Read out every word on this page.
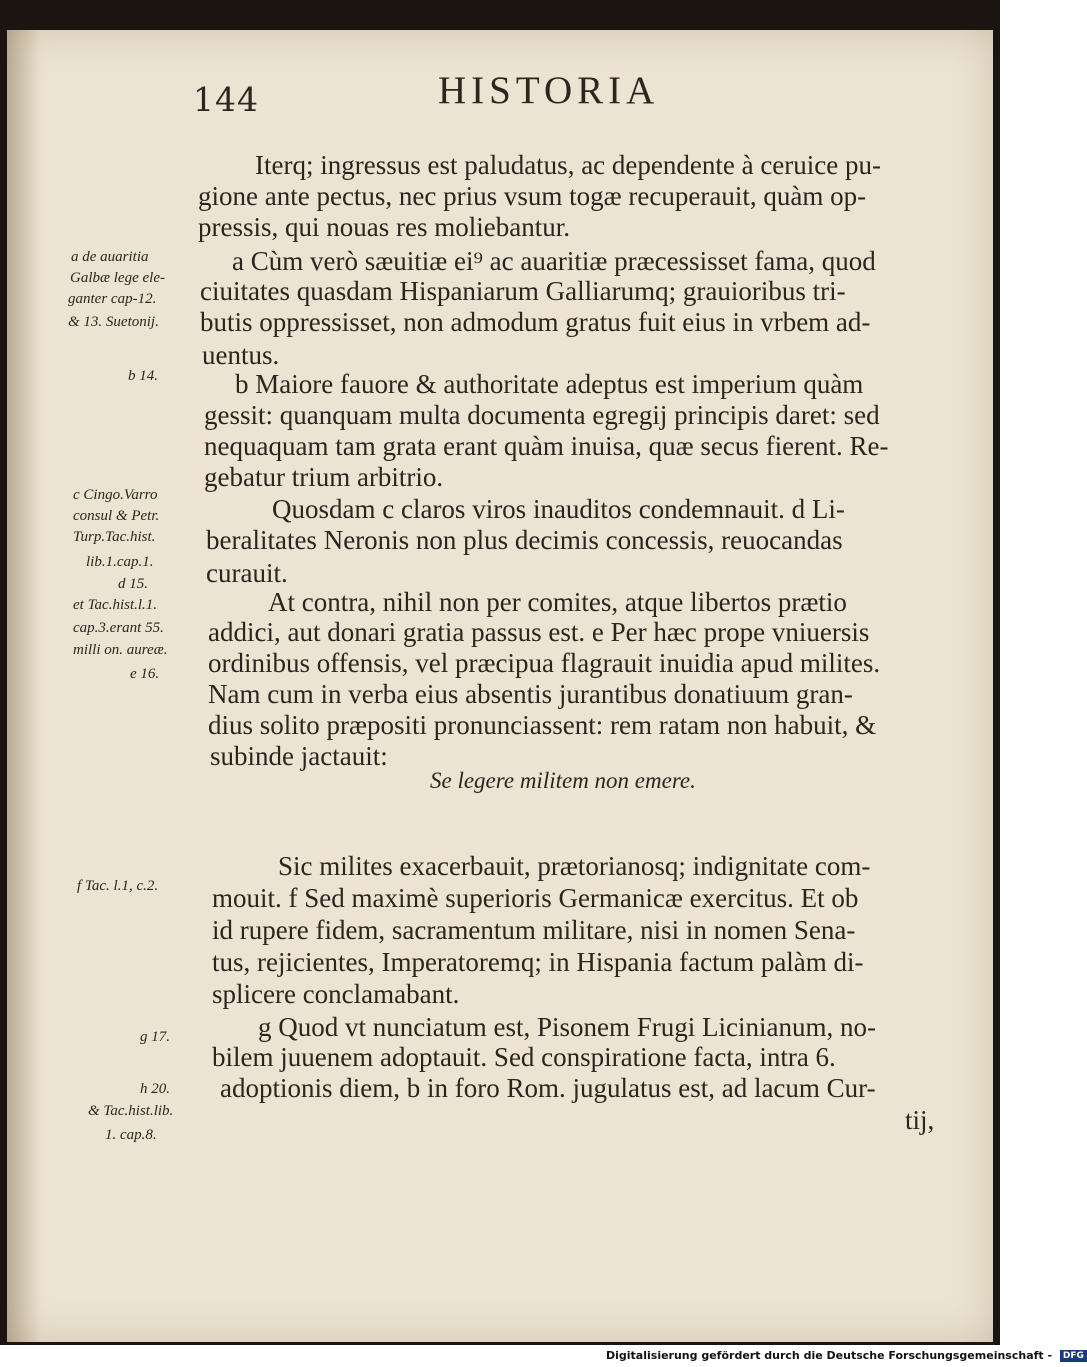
144	HISTORIA
Iterq; ingressus est paludatus, ac dependente à ceruice pu-
gione ante pectus, nec prius vsum togæ recuperauit, quàm op-
pressis, qui nouas res moliebantur.
a Cùm verò sæuitiæ ei⁹ ac auaritiæ præcessisset fama, quod
ciuitates quasdam Hispaniarum Galliarumq; grauioribus tri-
butis oppressisset, non admodum gratus fuit eius in vrbem ad-
uentus.
b Maiore fauore & authoritate adeptus est imperium quàm
gessit: quanquam multa documenta egregij principis daret: sed
nequaquam tam grata erant quàm inuisa, quæ secus fierent. Re-
gebatur trium arbitrio.
Quosdam c claros viros inauditos condemnauit. d Li-
beralitates Neronis non plus decimis concessis, reuocandas
curauit.
At contra, nihil non per comites, atque libertos prætio
addici, aut donari gratia passus est. e Per hæc prope vniuersis
ordinibus offensis, vel præcipua flagrauit inuidia apud milites.
Nam cum in verba eius absentis jurantibus donatiuum gran-
dius solito præpositi pronunciassent: rem ratam non habuit, &
subinde jactauit:
Se legere militem non emere.
Sic milites exacerbauit, prætorianosq; indignitate com-
mouit. f Sed maximè superioris Germanicæ exercitus. Et ob
id rupere fidem, sacramentum militare, nisi in nomen Sena-
tus, rejicientes, Imperatoremq; in Hispania factum palàm di-
splicere conclamabant.
g Quod vt nunciatum est, Pisonem Frugi Licinianum, no-
bilem juuenem adoptauit. Sed conspiratione facta, intra 6.
adoptionis diem, b in foro Rom. jugulatus est, ad lacum Cur-
tij,
a de auaritia
Galbæ lege ele-
ganter cap-12.
& 13. Suetonij.
b 14.
c Cingo.Varro
consul & Petr.
Turp.Tac.hist.
lib.1.cap.1.
d 15.
et Tac.hist.l.1.
cap.3.erant 55.
milli on. aureæ.
e 16.
f Tac. l.1, c.2.
g 17.
h 20.
& Tac.hist.lib.
1. cap.8.
Digitalisierung gefördert durch die Deutsche Forschungsgemeinschaft - DFG
